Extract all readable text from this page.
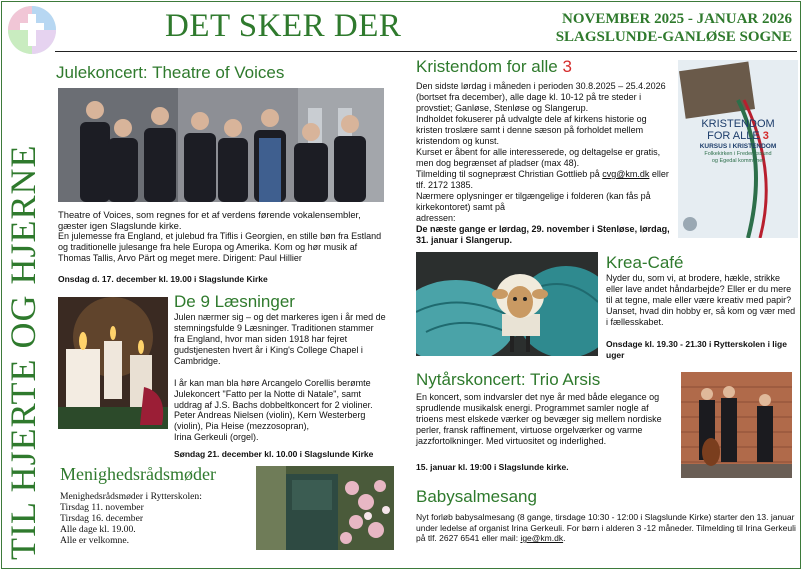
DET SKER DER	NOVEMBER 2025 - JANUAR 2026
SLAGSLUNDE-GANLØSE SOGNE
TIL HJERTE OG HJERNE
Julekoncert: Theatre of Voices
Theatre of Voices, som regnes for et af verdens førende vokalensembler, gæster igen Slagslunde kirke.
En julemesse fra England, et julebud fra Tiflis i Georgien, en stille bøn fra Estland og traditionelle julesange fra hele Europa og Amerika. Kom og hør musik af Thomas Tallis, Arvo Pärt og meget mere. Dirigent: Paul Hillier
Onsdag d. 17. december kl. 19.00 i Slagslunde Kirke
De 9 Læsninger
Julen nærmer sig – og det markeres igen i år med de stemningsfulde 9 Læsninger. Traditionen stammer fra England, hvor man siden 1918 har fejret gudstjenesten hvert år i King's College Chapel i Cambridge.
I år kan man bla høre Arcangelo Corellis berømte Julekoncert "Fatto per la Notte di Natale", samt uddrag af J.S. Bachs dobbeltkoncert for 2 violiner.
Peter Andreas Nielsen (violin), Kern Westerberg
(violin), Pia Heise (mezzosopran),
Irina Gerkeuli (orgel).
Søndag 21. december kl. 10.00 i Slagslunde Kirke
Menighedsrådsmøder
Menighedsrådsmøder i Rytterskolen:
Tirsdag 11. november
Tirsdag 16. december
Alle dage kl. 19.00.
Alle er velkomne.
Kristendom for alle 3
Den sidste lørdag i måneden i perioden 30.8.2025 – 25.4.2026 (bortset fra december), alle dage kl. 10-12 på tre steder i provstiet; Ganløse, Stenløse og Slangerup.
Indholdet fokuserer på udvalgte dele af kirkens historie og kristen troslære samt i denne sæson på forholdet mellem kristendom og kunst.
Kurset er åbent for alle interesserede, og deltagelse er gratis, men dog begrænset af pladser (max 48).
Tilmelding til sognepræst Christian Gottlieb på cvg@km.dk eller tlf. 2172 1385.
Nærmere oplysninger er tilgængelige i folderen (kan fås på kirkekontoret) samt på
adressen:
De næste gange er lørdag, 29. november i Stenløse, lørdag, 31. januar i Slangerup.
KRISTENDOM
FOR ALLE 3
KURSUS I KRISTENDOM
Folkekirken i Frederikssund
og Egedal kommuner
Krea-Café
Nyder du, som vi, at brodere, hækle, strikke eller lave andet håndarbejde? Eller er du mere til at tegne, male eller være kreativ med papir? Uanset, hvad din hobby er, så kom og vær med i fællesskabet.
Onsdage kl. 19.30 - 21.30 i Rytterskolen i lige uger
Nytårskoncert: Trio Arsis
En koncert, som indvarsler det nye år med både elegance og sprudlende musikalsk energi. Programmet samler nogle af trioens mest elskede værker og bevæger sig mellem nordiske perler, fransk raffinement, virtuose orgelværker og varme jazzfortolkninger. Med virtuositet og inderlighed.
15. januar kl. 19:00 i Slagslunde kirke.
Babysalmesang
Nyt forløb babysalmesang (8 gange, tirsdage 10:30 - 12:00 i Slagslunde Kirke) starter den 13. januar under ledelse af organist Irina Gerkeuli. For børn i alderen 3 -12 måneder. Tilmelding til Irina Gerkeuli på tlf. 2627 6541 eller mail: ige@km.dk.
